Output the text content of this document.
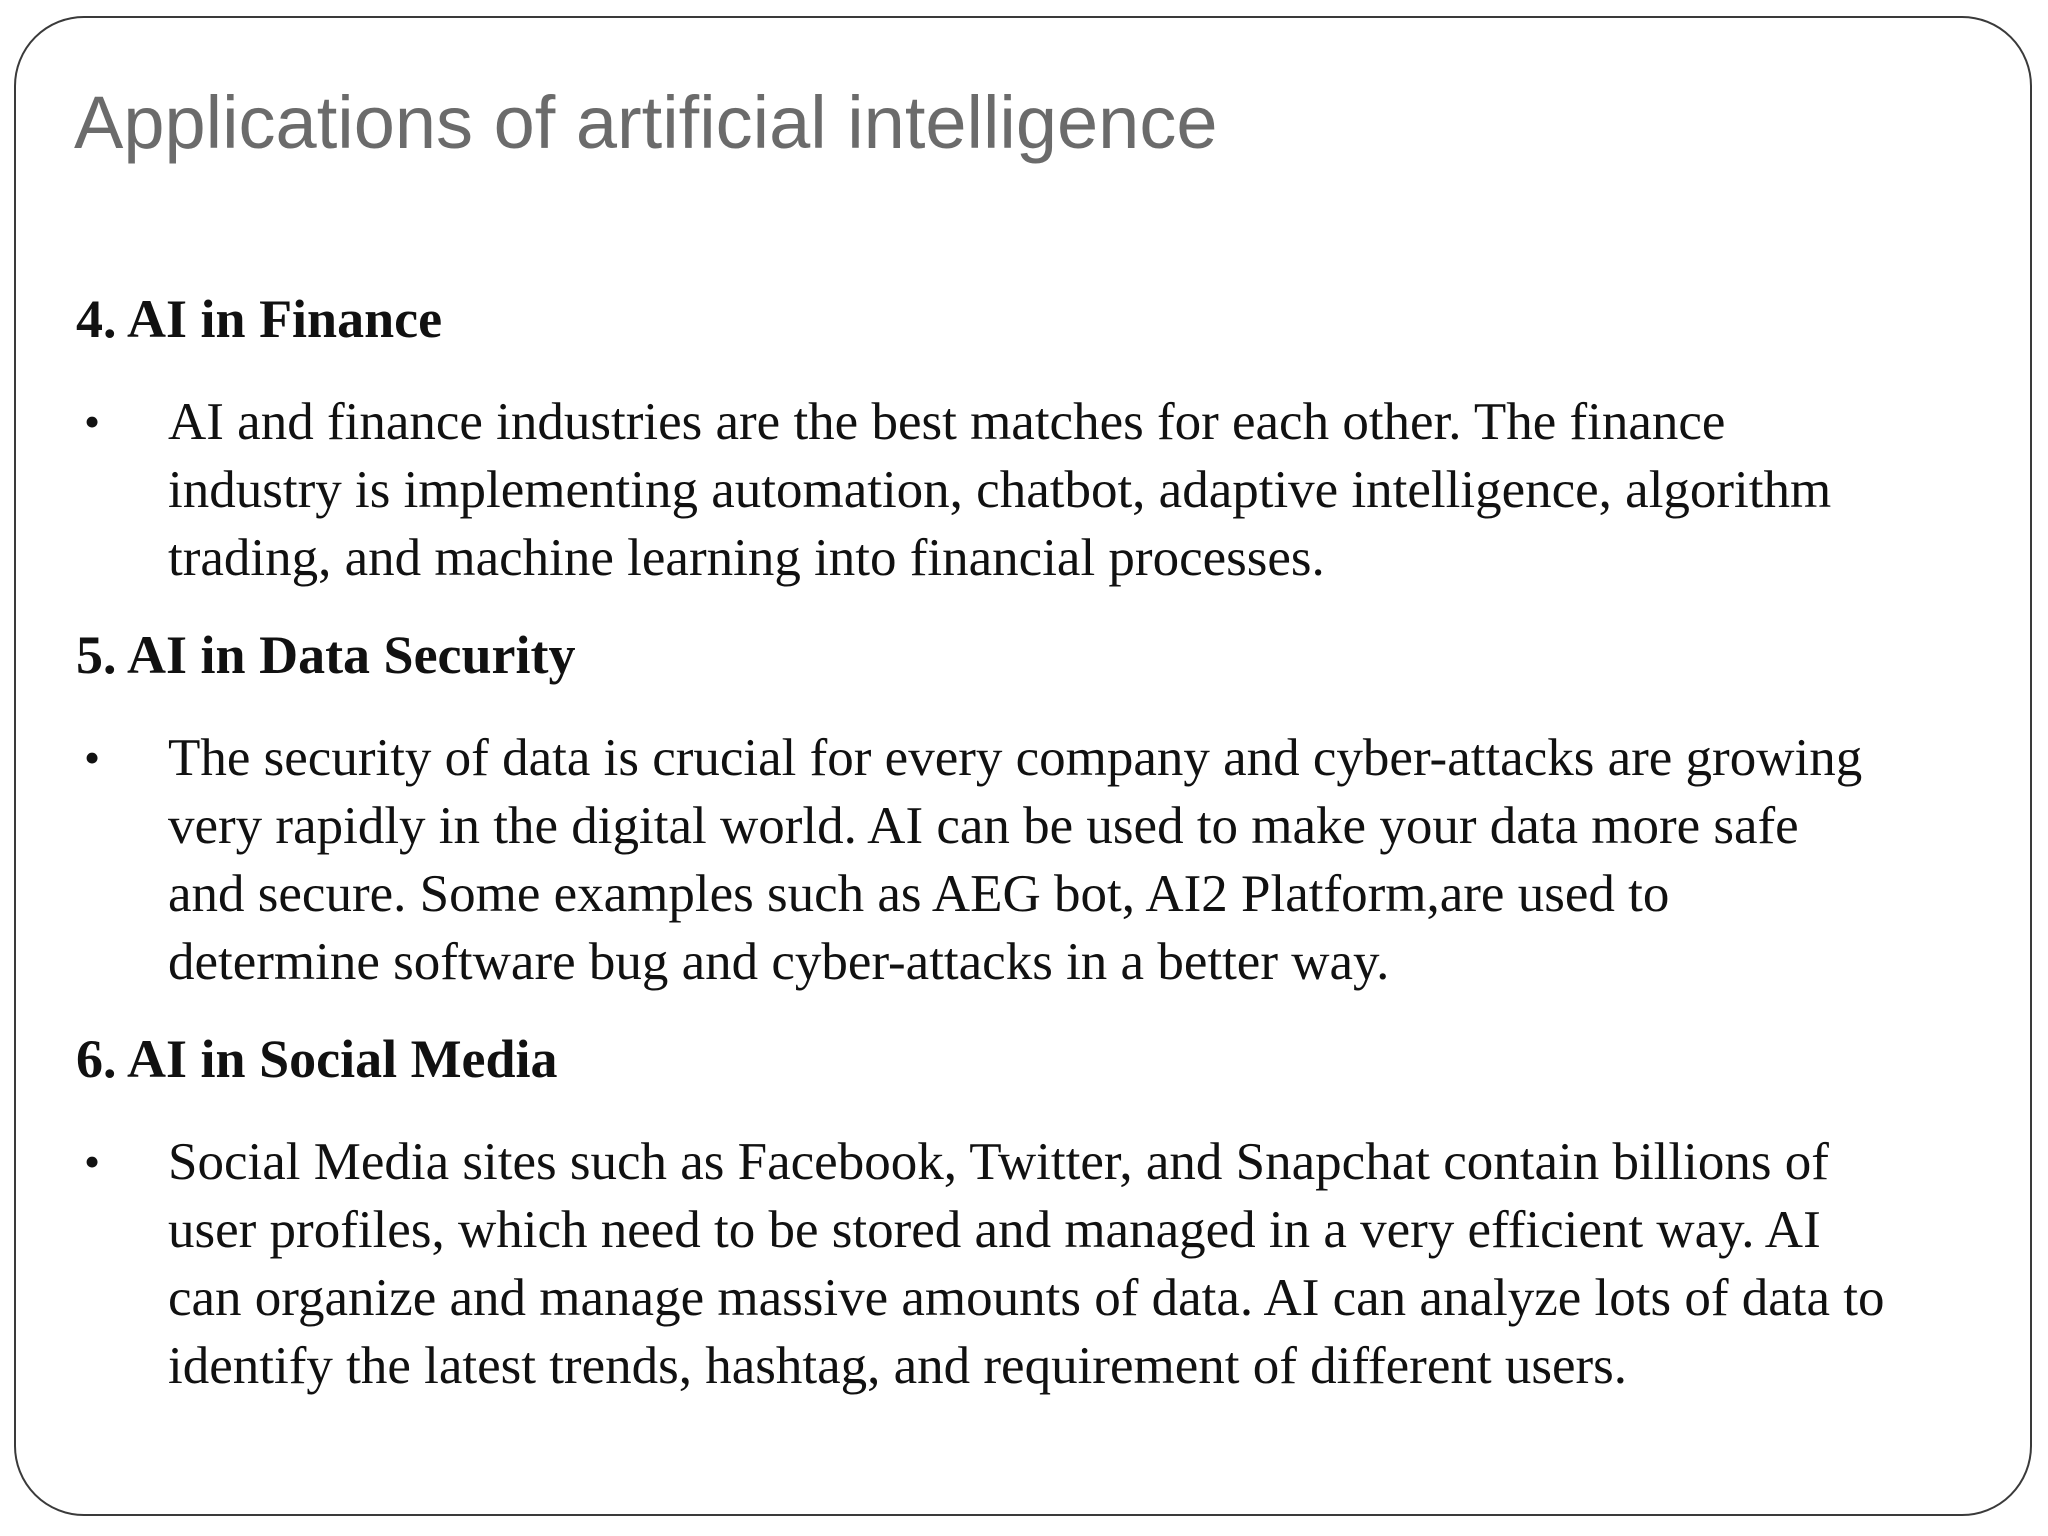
Applications of artificial intelligence
4. AI in Finance
• AI and finance industries are the best matches for each other. The finance
industry is implementing automation, chatbot, adaptive intelligence, algorithm
trading, and machine learning into financial processes.
5. AI in Data Security
• The security of data is crucial for every company and cyber-attacks are growing
very rapidly in the digital world. AI can be used to make your data more safe
and secure. Some examples such as AEG bot, AI2 Platform,are used to
determine software bug and cyber-attacks in a better way.
6. AI in Social Media
• Social Media sites such as Facebook, Twitter, and Snapchat contain billions of
user profiles, which need to be stored and managed in a very efficient way. AI
can organize and manage massive amounts of data. AI can analyze lots of data to
identify the latest trends, hashtag, and requirement of different users.
